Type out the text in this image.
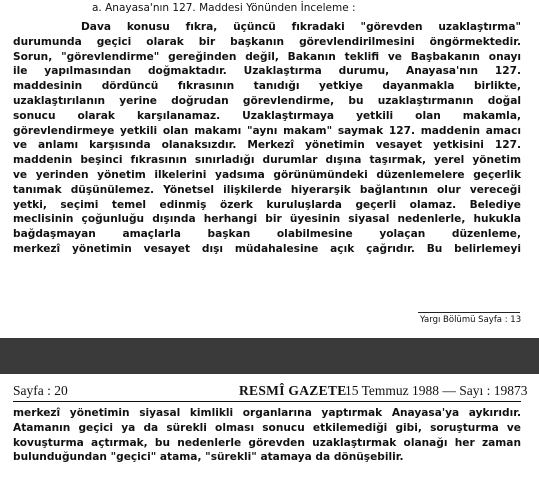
a. Anayasa'nın 127. Maddesi Yönünden İnceleme :
Dava konusu fıkra, üçüncü fıkradaki "görevden uzaklaştırma"
durumunda geçici olarak bir başkanın görevlendirilmesini öngörmektedir.
Sorun, "görevlendirme" gereğinden değil, Bakanın teklifi ve Başbakanın onayı
ile yapılmasından doğmaktadır. Uzaklaştırma durumu, Anayasa'nın 127.
maddesinin dördüncü fıkrasının tanıdığı yetkiye dayanmakla birlikte,
uzaklaştırılanın yerine doğrudan görevlendirme, bu uzaklaştırmanın doğal
sonucu olarak karşılanamaz. Uzaklaştırmaya yetkili olan makamla,
görevlendirmeye yetkili olan makamı "aynı makam" saymak 127. maddenin amacı
ve anlamı karşısında olanaksızdır. Merkezî yönetimin vesayet yetkisini 127.
maddenin beşinci fıkrasının sınırladığı durumlar dışına taşırmak, yerel yönetim
ve yerinden yönetim ilkelerini yadsıma görünümündeki düzenlemelere geçerlik
tanımak düşünülemez. Yönetsel ilişkilerde hiyerarşik bağlantının olur vereceği
yetki, seçimi temel edinmiş özerk kuruluşlarda geçerli olamaz. Belediye
meclisinin çoğunluğu dışında herhangi bir üyesinin siyasal nedenlerle, hukukla
bağdaşmayan amaçlarla başkan olabilmesine yolaçan düzenleme,
merkezî yönetimin vesayet dışı müdahalesine açık çağrıdır. Bu belirlemeyi
Yargı Bölümü Sayfa : 13
Sayfa : 20	RESMÎ GAZETE
15 Temmuz 1988 — Sayı : 19873
merkezî yönetimin siyasal kimlikli organlarına yaptırmak Anayasa'ya aykırıdır.
Atamanın geçici ya da sürekli olması sonucu etkilemediği gibi, soruşturma ve
kovuşturma açtırmak, bu nedenlerle görevden uzaklaştırmak olanağı her zaman
bulunduğundan "geçici" atama, "sürekli" atamaya da dönüşebilir.
